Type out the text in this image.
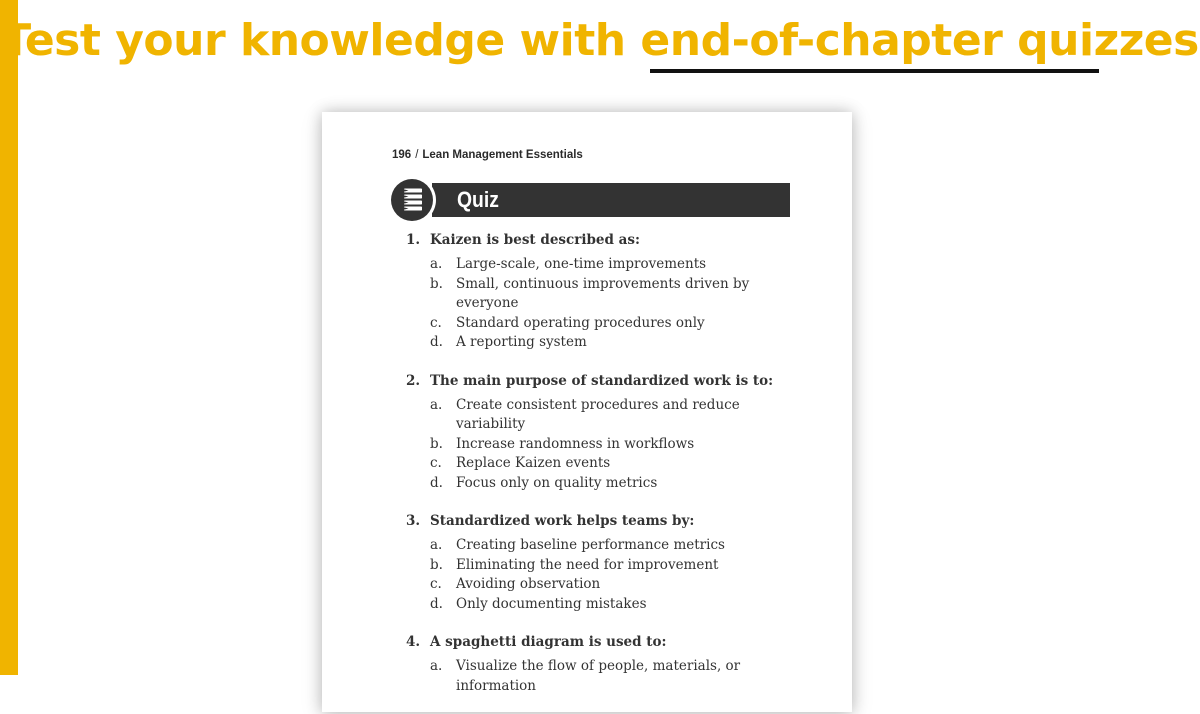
Test your knowledge with end-of-chapter quizzes
196 / Lean Management Essentials
Quiz
1. Kaizen is best described as:
a.	Large-scale, one-time improvements
b. Small, continuous improvements driven by everyone
c.	Standard operating procedures only
d. A reporting system
2. The main purpose of standardized work is to:
a.	Create consistent procedures and reduce variability
b. Increase randomness in workflows
c.	Replace Kaizen events
d. Focus only on quality metrics
3. Standardized work helps teams by:
a.	Creating baseline performance metrics
b. Eliminating the need for improvement
c.	Avoiding observation
d. Only documenting mistakes
4. A spaghetti diagram is used to:
a.	Visualize the flow of people, materials, or information
